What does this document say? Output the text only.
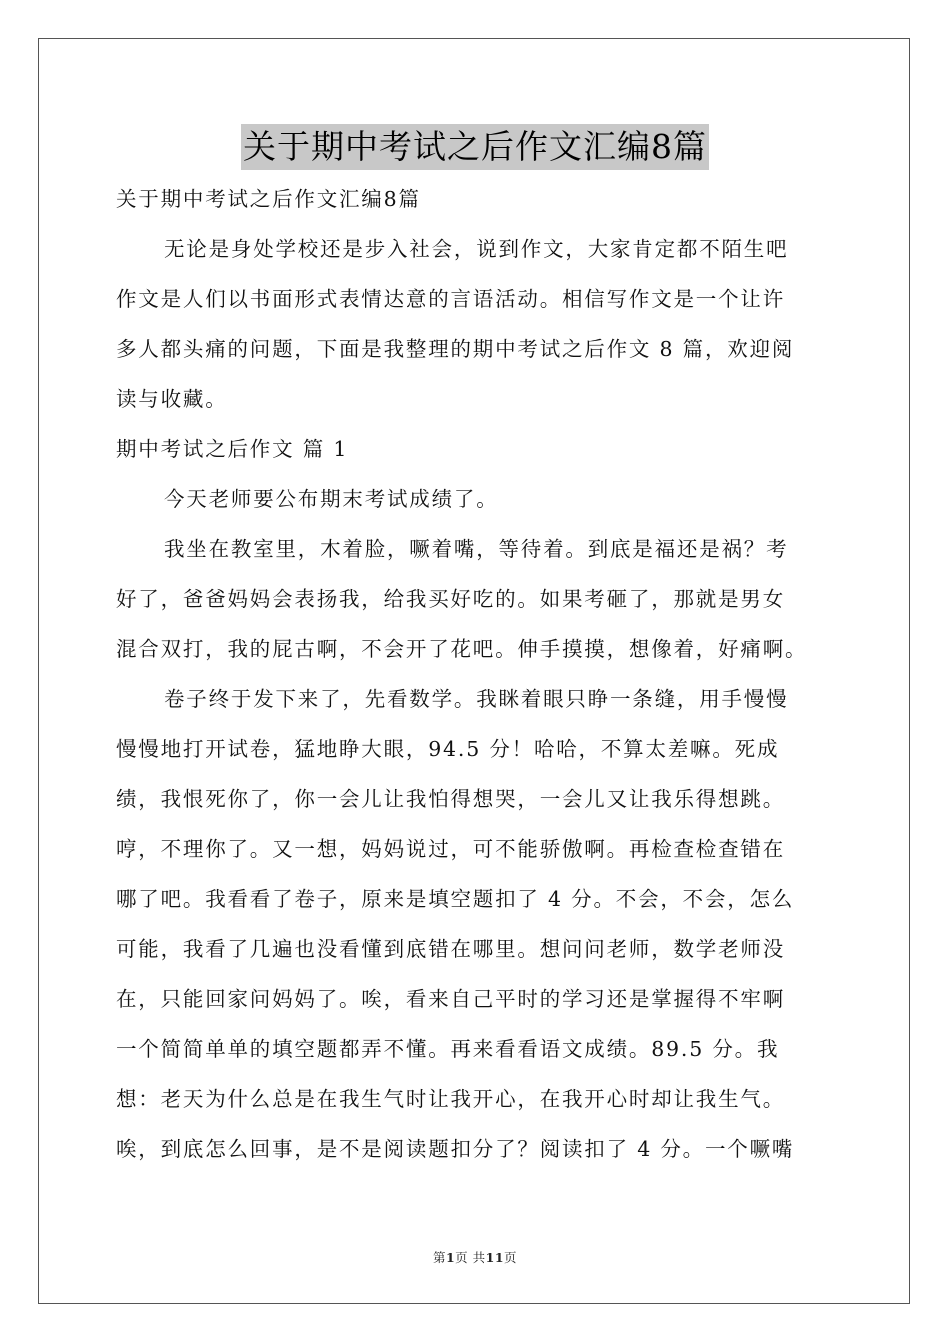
关于期中考试之后作文汇编8篇
关于期中考试之后作文汇编8篇
无论是身处学校还是步入社会，说到作文，大家肯定都不陌生吧
作文是人们以书面形式表情达意的言语活动。相信写作文是一个让许
多人都头痛的问题，下面是我整理的期中考试之后作文 8 篇，欢迎阅
读与收藏。
期中考试之后作文 篇 1
今天老师要公布期末考试成绩了。
我坐在教室里，木着脸，噘着嘴，等待着。到底是福还是祸？考
好了，爸爸妈妈会表扬我，给我买好吃的。如果考砸了，那就是男女
混合双打，我的屁古啊，不会开了花吧。伸手摸摸，想像着，好痛啊。
卷子终于发下来了，先看数学。我眯着眼只睁一条缝，用手慢慢
慢慢地打开试卷，猛地睁大眼，94.5 分！哈哈，不算太差嘛。死成
绩，我恨死你了，你一会儿让我怕得想哭，一会儿又让我乐得想跳。
哼，不理你了。又一想，妈妈说过，可不能骄傲啊。再检查检查错在
哪了吧。我看看了卷子，原来是填空题扣了 4 分。不会，不会，怎么
可能，我看了几遍也没看懂到底错在哪里。想问问老师，数学老师没
在，只能回家问妈妈了。唉，看来自己平时的学习还是掌握得不牢啊
一个简简单单的填空题都弄不懂。再来看看语文成绩。89.5 分。我
想：老天为什么总是在我生气时让我开心，在我开心时却让我生气。
唉，到底怎么回事，是不是阅读题扣分了？阅读扣了 4 分。一个噘嘴
第1页 共11页
